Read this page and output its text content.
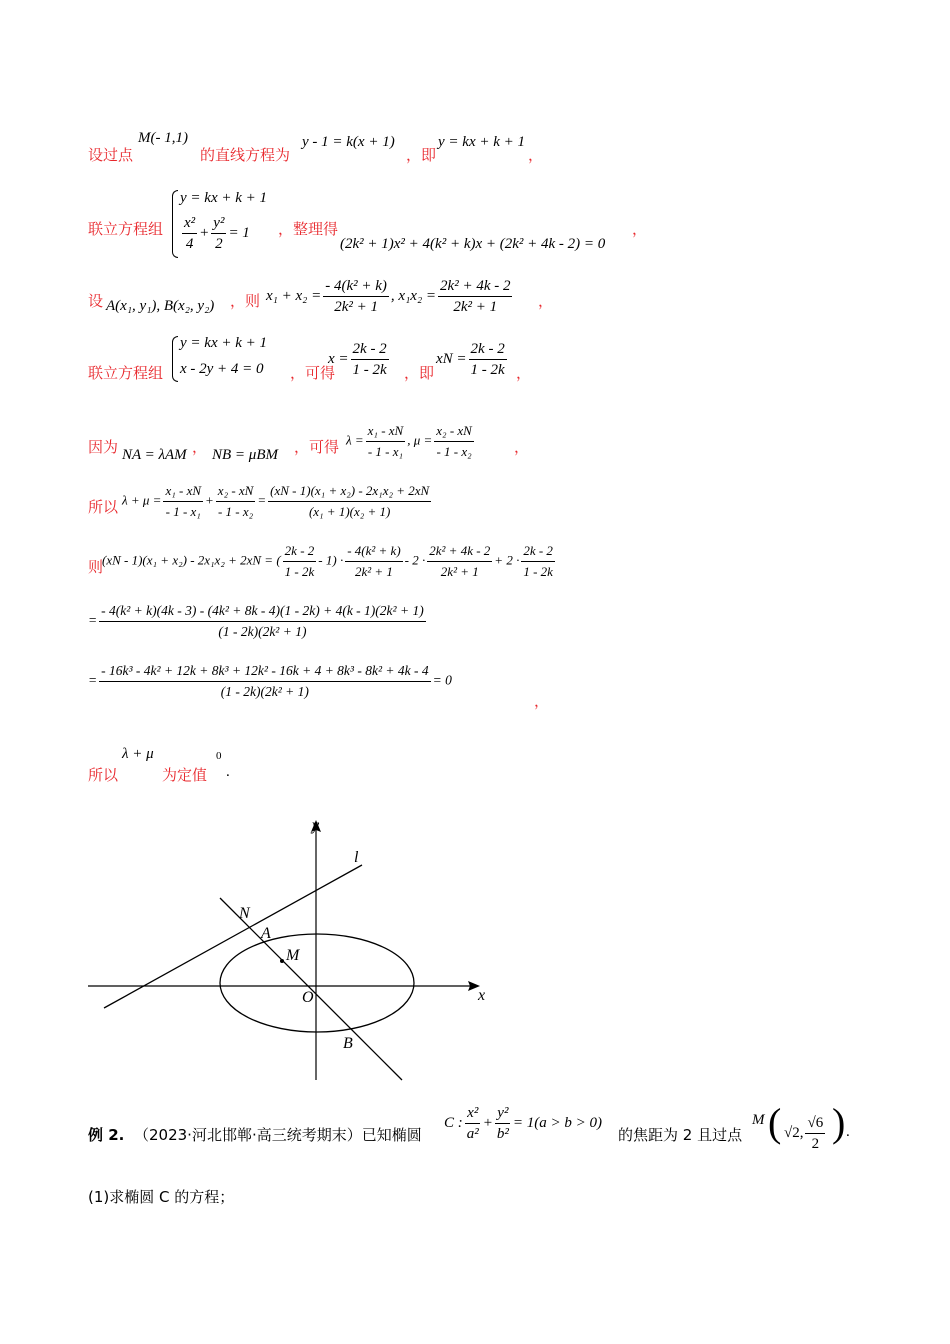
设过点
M(- 1,1)
的直线方程为
y - 1 = k(x + 1)
，即
y = kx + k + 1
，
联立方程组
y = kx + k + 1
$\frac{\text{x²}}{4} + \frac{\text{y²}}{2} = 1$ ，整理得
(2k² + 1)x² + 4(k² + k)x + (2k² + 4k - 2) = 0
，
设 A(x₁, y₁), B(x₂, y₂) ，则 $x_1 + x_2 = \frac{\text{- 4(k² + k)}}{\text{2k² + 1}}$ , $x_1x_2 = \frac{\text{2k² + 4k - 2}}{\text{2k² + 1}}$ ，
联立方程组
y = kx + k + 1
x - 2y + 4 = 0 ，可得
$x = \frac{2k - 2}{1 - 2k}$ ，即
xN = $\frac{2k - 2}{1 - 2k}$ ，
因为 NA = λAM ， NB = μBM ，可得 $\lambda = \frac{\text{x₁ - xN}}{\text{- 1 - x₁}}$ , $\mu = \frac{\text{x₂ - xN}}{\text{- 1 - x₂}}$	，
所以 $\lambda + \mu = \frac{\text{x₁ - xN}}{\text{- 1 - x₁}} + \frac{\text{x₂ - xN}}{\text{- 1 - x₂}} = \frac{\text{(xN - 1)(x₁ + x₂) - 2x₁x₂ + 2xN}}{\text{(x₁ + 1)(x₂ + 1)}}$
则
(xN - 1)(x₁ + x₂) - 2x₁x₂ + 2xN = ( $\frac{2k - 2}{1 - 2k} - 1) \cdot \frac{\text{- 4(k² + k)}}{\text{2k² + 1}} - 2 \cdot \frac{\text{2k² + 4k - 2}}{\text{2k² + 1}} + 2 \cdot \frac{2k - 2}{1 - 2k}$
=
- 4(k² + k)(4k - 3) - (4k² + 8k - 4)(1 - 2k) + 4(k - 1)(2k² + 1)
(1 - 2k)(2k² + 1)
=
- 16k³ - 4k² + 12k + 8k³ + 12k² - 16k + 4 + 8k³ - 8k² + 4k - 4
(1 - 2k)(2k² + 1)
= 0
，
所以
λ + μ
为定值
0
.
y
x
l
N
A
M
O
B
例 2. （2023·河北邯郸·高三统考期末）已知椭圆
C : $\frac{\text{x²}}{\text{a²}} + \frac{\text{y²}}{\text{b²}} = 1(a > b > 0)$
的焦距为 2 且过点
M ( √2, $\frac{√6}{2}$ ) .
(1)求椭圆 C 的方程；
